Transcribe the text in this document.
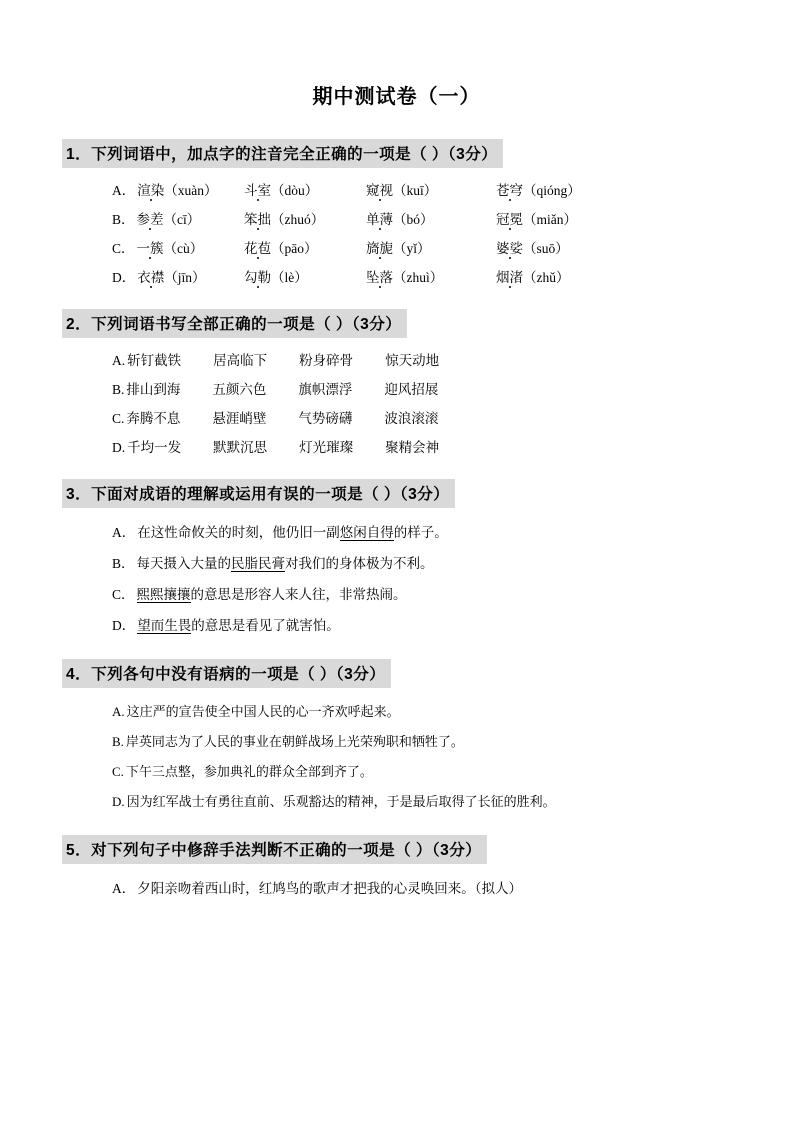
期中测试卷（一）
1．下列词语中，加点字的注音完全正确的一项是（ ）（3分）
A． 渲染（xuàn）	斗室（dòu）	窥视（kuī）	苍穹（qióng）
B． 参差（cī）	笨拙（zhuó）	单薄（bó）	冠冕（miǎn）
C． 一簇（cù）	花苞（pāo）	旖旎（yǐ）	婆娑（suō）
D． 衣襟（jīn）	勾勒（lè）	坠落（zhuì）	烟渚（zhǔ）
2．下列词语书写全部正确的一项是（ ）（3分）
A. 斩钉截铁 居高临下 粉身碎骨 惊天动地
B. 排山到海 五颜六色 旗帜漂浮 迎风招展
C. 奔腾不息 悬涯峭壁 气势磅礴 波浪滚滚
D. 千均一发 默默沉思 灯光璀璨 聚精会神
3．下面对成语的理解或运用有误的一项是（ ）（3分）
A． 在这性命攸关的时刻，他仍旧一副悠闲自得的样子。
B． 每天摄入大量的民脂民膏对我们的身体极为不利。
C． 熙熙攘攘的意思是形容人来人往，非常热闹。
D． 望而生畏的意思是看见了就害怕。
4．下列各句中没有语病的一项是（ ）（3分）
A. 这庄严的宣告使全中国人民的心一齐欢呼起来。
B. 岸英同志为了人民的事业在朝鲜战场上光荣殉职和牺牲了。
C. 下午三点整，参加典礼的群众全部到齐了。
D. 因为红军战士有勇往直前、乐观豁达的精神，于是最后取得了长征的胜利。
5．对下列句子中修辞手法判断不正确的一项是（ ）（3分）
A． 夕阳亲吻着西山时，红鸠鸟的歌声才把我的心灵唤回来。（拟人）
